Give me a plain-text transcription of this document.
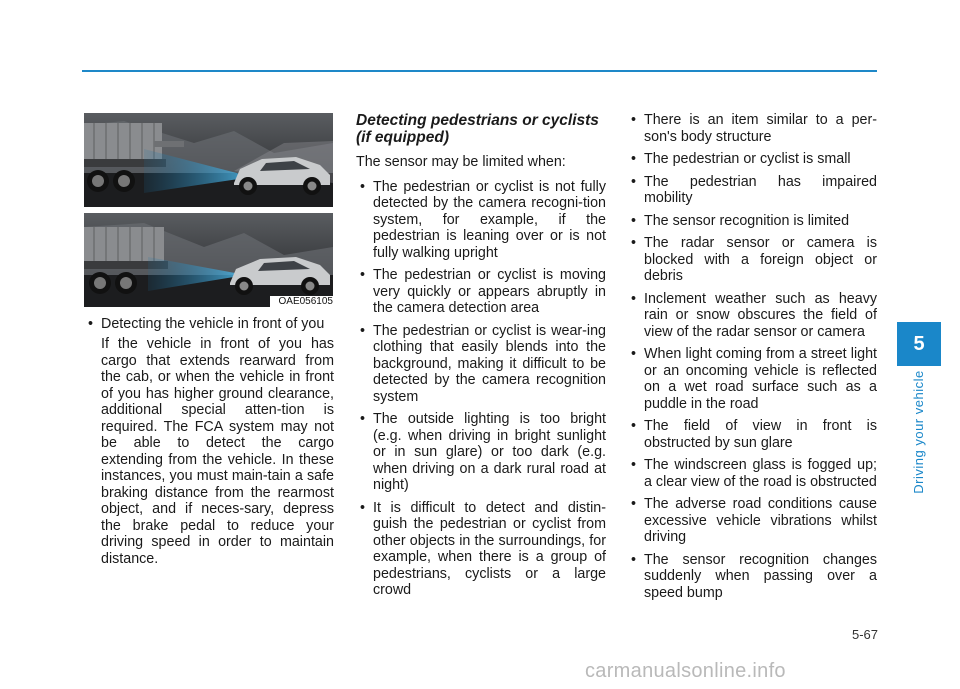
OAE056105
• Detecting the vehicle in front of you

If the vehicle in front of you has cargo that extends rearward from the cab, or when the vehicle in front of you has higher ground clearance, additional special atten-tion is required. The FCA system may not be able to detect the cargo extending from the vehicle. In these instances, you must main-tain a safe braking distance from the rearmost object, and if neces-sary, depress the brake pedal to reduce your driving speed in order to maintain distance.

Detecting pedestrians or cyclists (if equipped)

The sensor may be limited when:

• The pedestrian or cyclist is not fully detected by the camera recogni-tion system, for example, if the pedestrian is leaning over or is not fully walking upright
• The pedestrian or cyclist is moving very quickly or appears abruptly in the camera detection area
• The pedestrian or cyclist is wear-ing clothing that easily blends into the background, making it difficult to be detected by the camera recognition system
• The outside lighting is too bright (e.g. when driving in bright sunlight or in sun glare) or too dark (e.g. when driving on a dark rural road at night)
• It is difficult to detect and distin-guish the pedestrian or cyclist from other objects in the surroundings, for example, when there is a group of pedestrians, cyclists or a large crowd
• There is an item similar to a per-son's body structure
• The pedestrian or cyclist is small
• The pedestrian has impaired mobility
• The sensor recognition is limited
• The radar sensor or camera is blocked with a foreign object or debris
• Inclement weather such as heavy rain or snow obscures the field of view of the radar sensor or camera
• When light coming from a street light or an oncoming vehicle is reflected on a wet road surface such as a puddle in the road
• The field of view in front is obstructed by sun glare
• The windscreen glass is fogged up; a clear view of the road is obstructed
• The adverse road conditions cause excessive vehicle vibrations whilst driving
• The sensor recognition changes suddenly when passing over a speed bump
5
Driving your vehicle
5-67
carmanualsonline.info
